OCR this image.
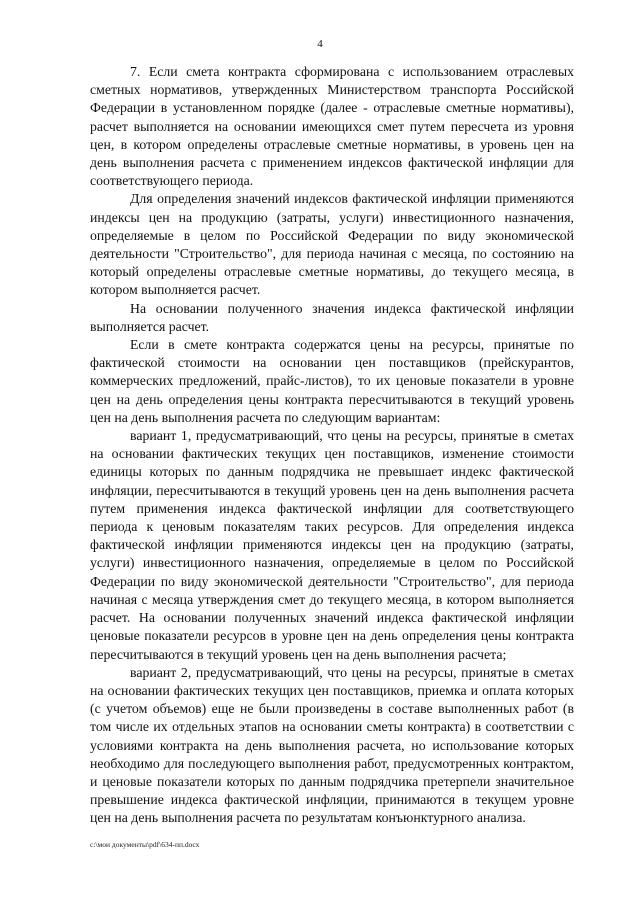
4

7. Если смета контракта сформирована с использованием отраслевых сметных нормативов, утвержденных Министерством транспорта Российской Федерации в установленном порядке (далее - отраслевые сметные нормативы), расчет выполняется на основании имеющихся смет путем пересчета из уровня цен, в котором определены отраслевые сметные нормативы, в уровень цен на день выполнения расчета с применением индексов фактической инфляции для соответствующего периода.

Для определения значений индексов фактической инфляции применяются индексы цен на продукцию (затраты, услуги) инвестиционного назначения, определяемые в целом по Российской Федерации по виду экономической деятельности "Строительство", для периода начиная с месяца, по состоянию на который определены отраслевые сметные нормативы, до текущего месяца, в котором выполняется расчет.

На основании полученного значения индекса фактической инфляции выполняется расчет.

Если в смете контракта содержатся цены на ресурсы, принятые по фактической стоимости на основании цен поставщиков (прейскурантов, коммерческих предложений, прайс-листов), то их ценовые показатели в уровне цен на день определения цены контракта пересчитываются в текущий уровень цен на день выполнения расчета по следующим вариантам:

вариант 1, предусматривающий, что цены на ресурсы, принятые в сметах на основании фактических текущих цен поставщиков, изменение стоимости единицы которых по данным подрядчика не превышает индекс фактической инфляции, пересчитываются в текущий уровень цен на день выполнения расчета путем применения индекса фактической инфляции для соответствующего периода к ценовым показателям таких ресурсов. Для определения индекса фактической инфляции применяются индексы цен на продукцию (затраты, услуги) инвестиционного назначения, определяемые в целом по Российской Федерации по виду экономической деятельности "Строительство", для периода начиная с месяца утверждения смет до текущего месяца, в котором выполняется расчет. На основании полученных значений индекса фактической инфляции ценовые показатели ресурсов в уровне цен на день определения цены контракта пересчитываются в текущий уровень цен на день выполнения расчета;

вариант 2, предусматривающий, что цены на ресурсы, принятые в сметах на основании фактических текущих цен поставщиков, приемка и оплата которых (с учетом объемов) еще не были произведены в составе выполненных работ (в том числе их отдельных этапов на основании сметы контракта) в соответствии с условиями контракта на день выполнения расчета, но использование которых необходимо для последующего выполнения работ, предусмотренных контрактом, и ценовые показатели которых по данным подрядчика претерпели значительное превышение индекса фактической инфляции, принимаются в текущем уровне цен на день выполнения расчета по результатам конъюнктурного анализа.

c:\мои документы\pdf\634-пп.docx
